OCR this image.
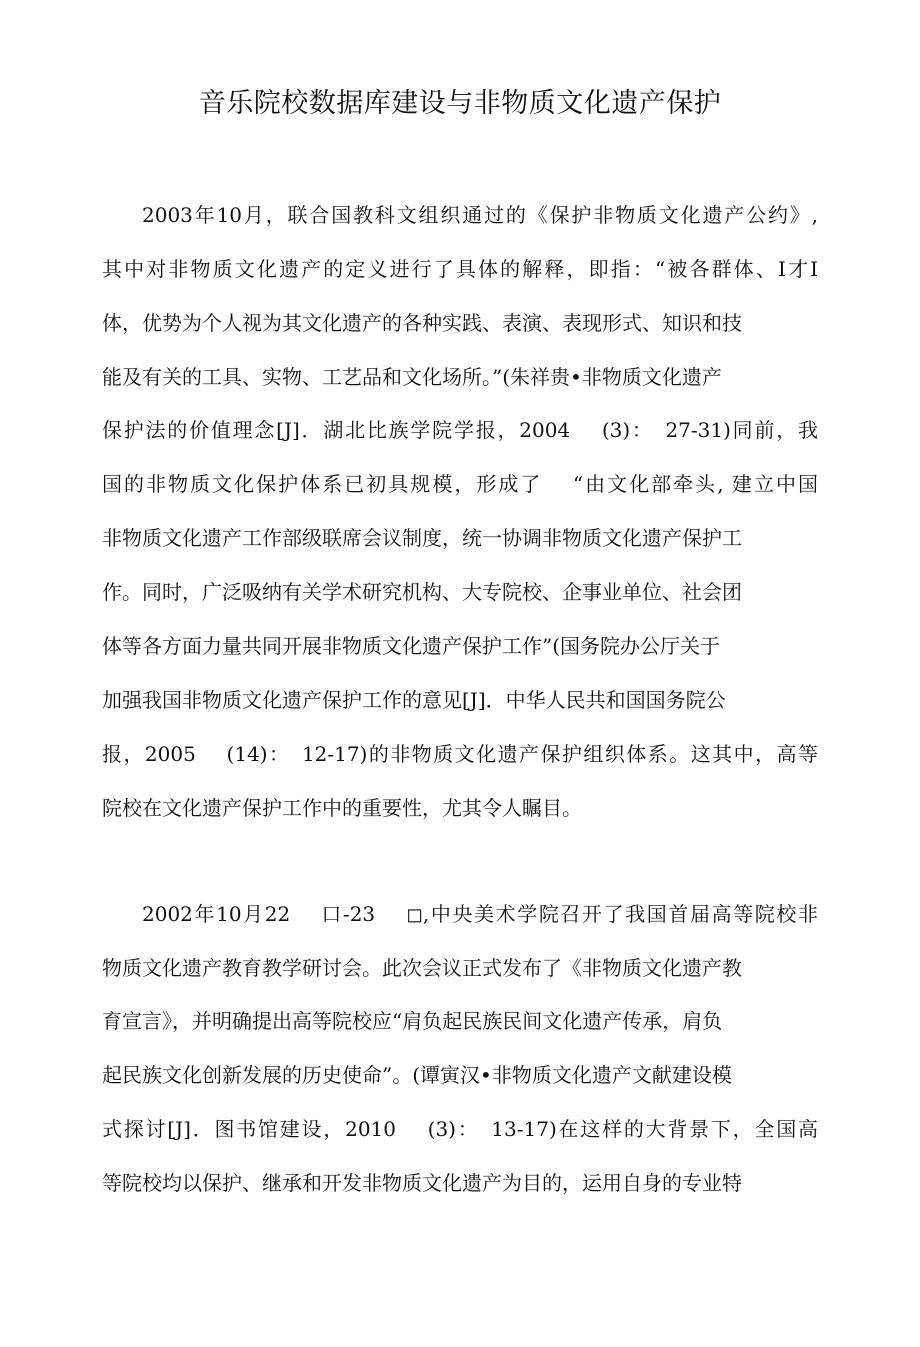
音乐院校数据库建设与非物质文化遗产保护
2003年10月，联合国教科文组织通过的《保护非物质文化遗产公约》,
其中对非物质文化遗产的定义进行了具体的解释，即指：“被各群体、I才I
体，优势为个人视为其文化遗产的各种实践、表演、表现形式、知识和技
能及有关的工具、实物、工艺品和文化场所。”(朱祥贵•非物质文化遗产
保护法的价值理念[J]．湖北比族学院学报，2004　 (3)：　27-31)同前，我
国的非物质文化保护体系已初具规模，形成了　 “由文化部牵头, 建立中国
非物质文化遗产工作部级联席会议制度，统一协调非物质文化遗产保护工
作。同时，广泛吸纳有关学术研究机构、大专院校、企事业单位、社会团
体等各方面力量共同开展非物质文化遗产保护工作”(国务院办公厅关于
加强我国非物质文化遗产保护工作的意见[J]．中华人民共和国国务院公
报，2005　 (14)：　12-17)的非物质文化遗产保护组织体系。这其中，高等
院校在文化遗产保护工作中的重要性，尤其令人瞩目。
2002年10月22　 口-23　 ◻,中央美术学院召开了我国首届高等院校非
物质文化遗产教育教学研讨会。此次会议正式发布了《非物质文化遗产教
育宣言》，并明确提出高等院校应“肩负起民族民间文化遗产传承，肩负
起民族文化创新发展的历史使命”。(谭寅汉•非物质文化遗产文献建设模
式探讨[J]．图书馆建设，2010　 (3)：　13-17)在这样的大背景下，全国高
等院校均以保护、继承和开发非物质文化遗产为目的，运用自身的专业特
